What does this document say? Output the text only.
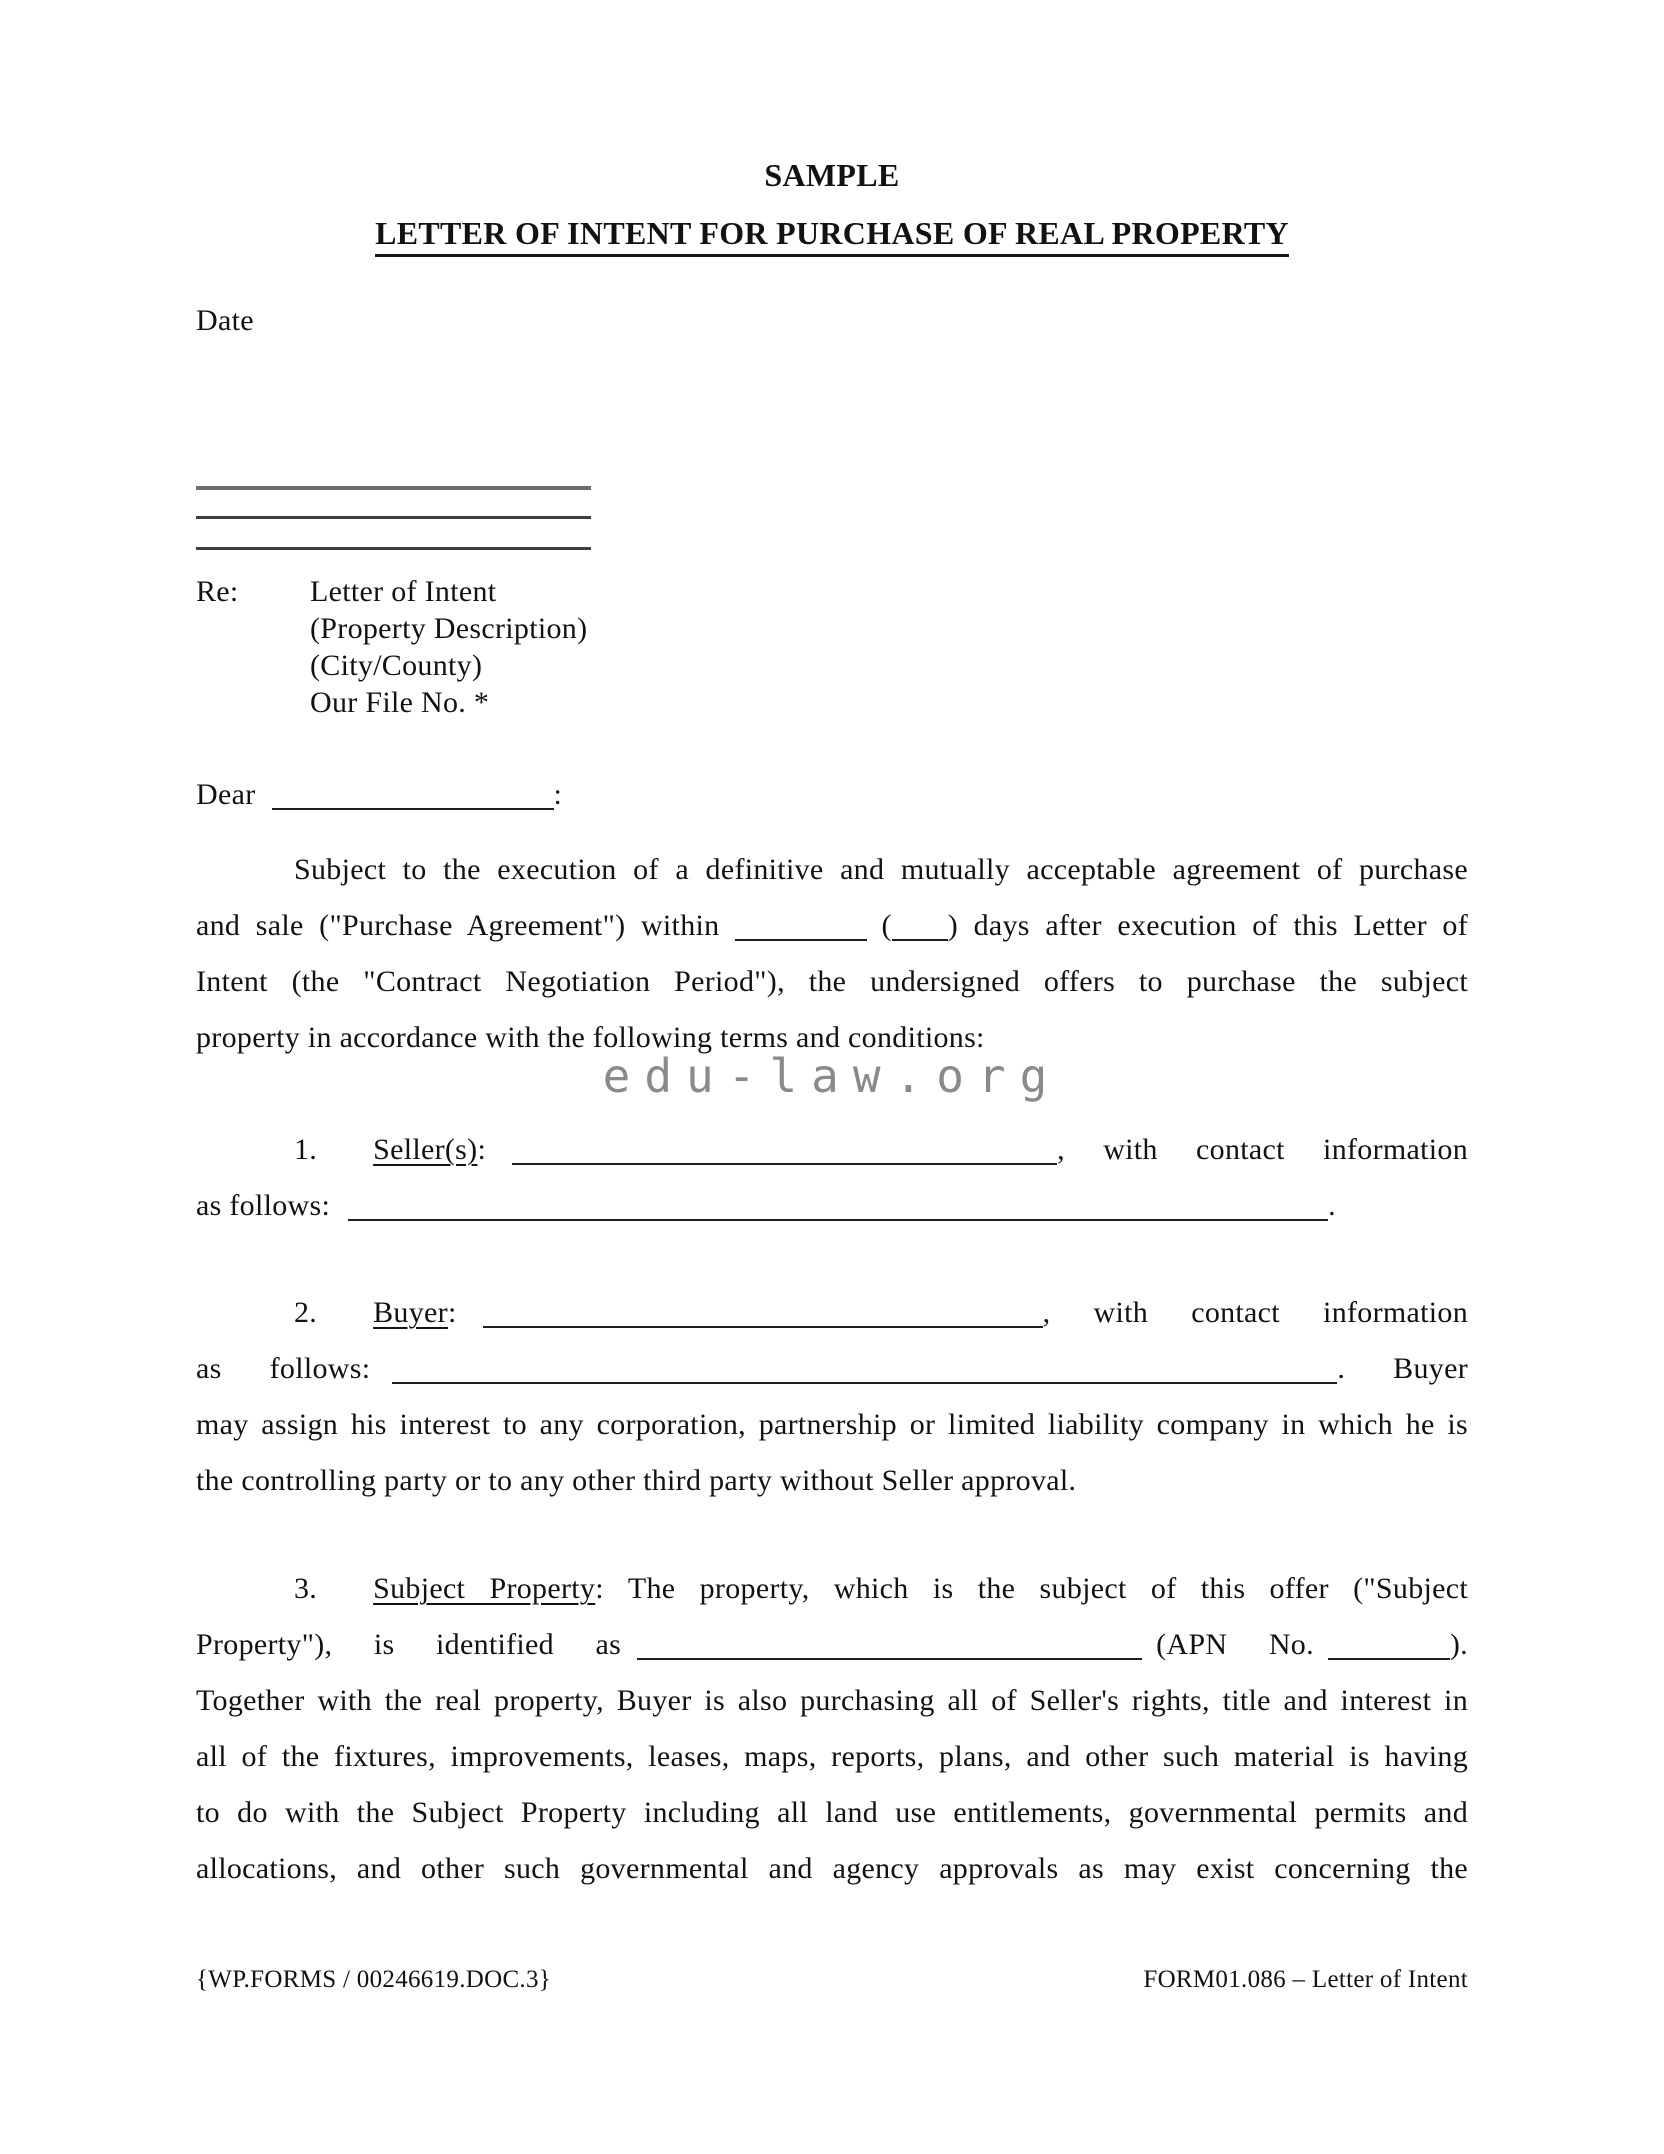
SAMPLE
LETTER OF INTENT FOR PURCHASE OF REAL PROPERTY
Date
Re:	Letter of Intent
(Property Description)
(City/County)
Our File No. *
edu-law.org
Dear	:
Subject to the execution of a definitive and mutually acceptable agreement of purchase
and sale ("Purchase Agreement") within	( ) days after execution of this Letter of
Intent (the "Contract Negotiation Period"), the undersigned offers to purchase the subject
property in accordance with the following terms and conditions:
1. Seller(s):	, with contact information
as follows:	.
2. Buyer:	, with contact information
as follows:	. Buyer
may assign his interest to any corporation, partnership or limited liability company in which he is
the controlling party or to any other third party without Seller approval.
3. Subject Property: The property, which is the subject of this offer ("Subject
Property"), is identified as	(APN No.	).
Together with the real property, Buyer is also purchasing all of Seller's rights, title and interest in
all of the fixtures, improvements, leases, maps, reports, plans, and other such material is having
to do with the Subject Property including all land use entitlements, governmental permits and
allocations, and other such governmental and agency approvals as may exist concerning the
{WP.FORMS / 00246619.DOC.3}	FORM01.086 – Letter of Intent
